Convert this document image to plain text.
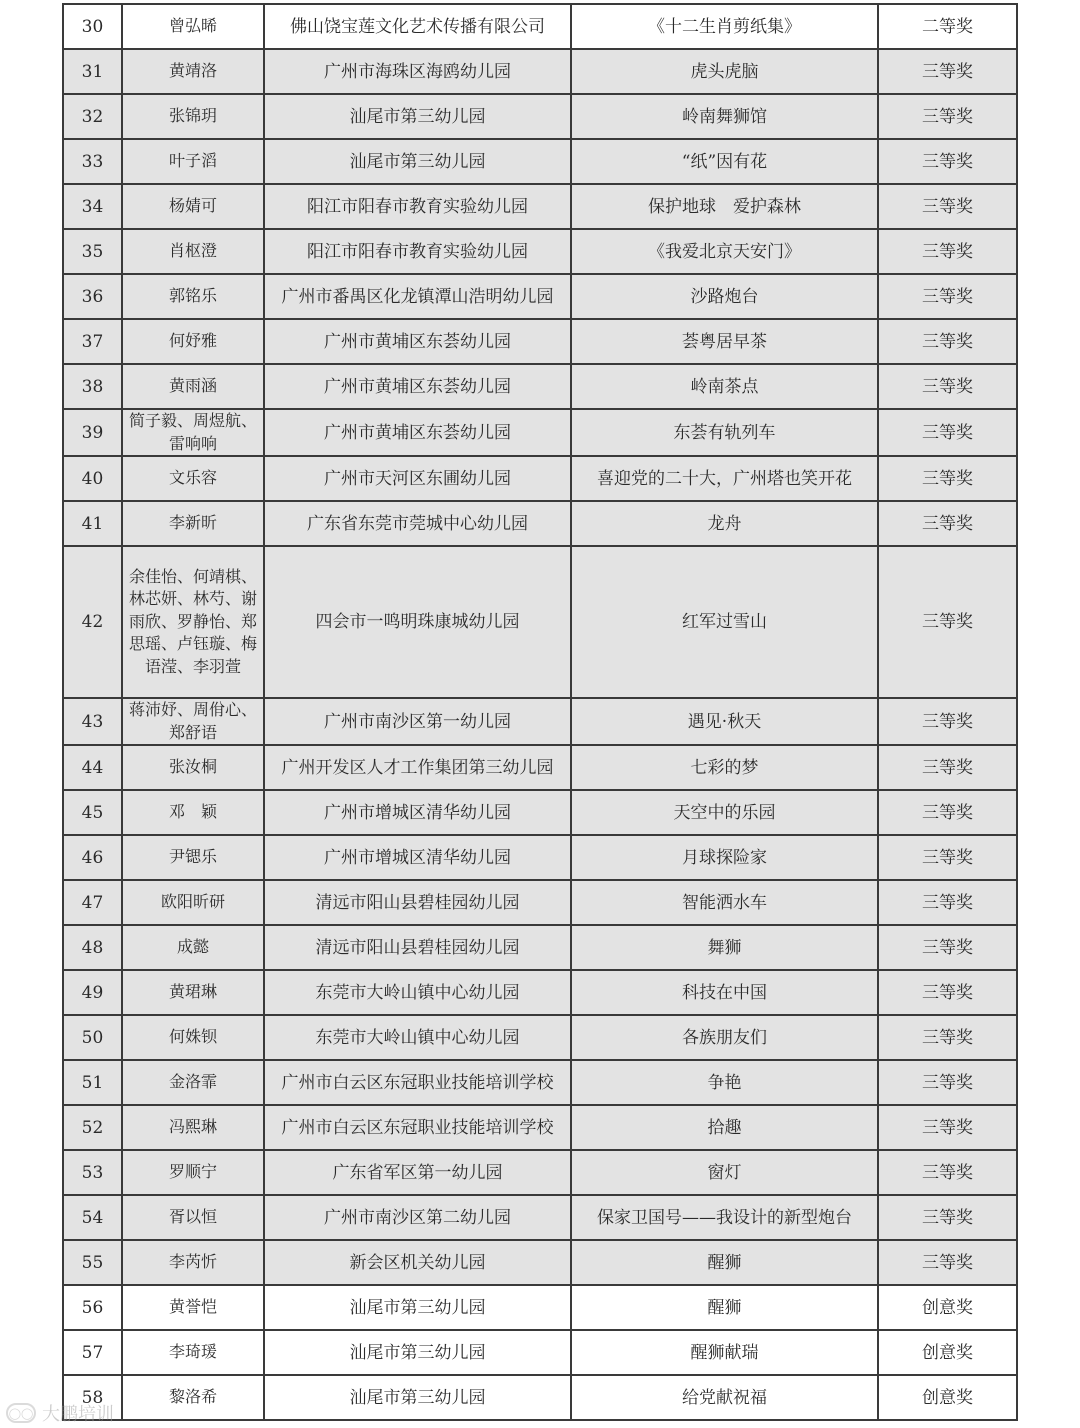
30	曾弘晞	佛山饶宝莲文化艺术传播有限公司	《十二生肖剪纸集》	二等奖
31	黄靖洛	广州市海珠区海鸥幼儿园	虎头虎脑	三等奖
32	张锦玥	汕尾市第三幼儿园	岭南舞狮馆	三等奖
33	叶子滔	汕尾市第三幼儿园	“纸”因有花	三等奖
34	杨婧可	阳江市阳春市教育实验幼儿园	保护地球　爱护森林	三等奖
35	肖枢澄	阳江市阳春市教育实验幼儿园	《我爱北京天安门》	三等奖
36	郭铭乐	广州市番禺区化龙镇潭山浩明幼儿园	沙路炮台	三等奖
37	何妤雅	广州市黄埔区东荟幼儿园	荟粤居早茶	三等奖
38	黄雨涵	广州市黄埔区东荟幼儿园	岭南茶点	三等奖
39	简子毅、周煜航、雷响响	广州市黄埔区东荟幼儿园	东荟有轨列车	三等奖
40	文乐容	广州市天河区东圃幼儿园	喜迎党的二十大，广州塔也笑开花	三等奖
41	李新昕	广东省东莞市莞城中心幼儿园	龙舟	三等奖
42	余佳怡、何靖棋、林芯妍、林芍、谢雨欣、罗静怡、郑思瑶、卢钰璇、梅语滢、李羽萱	四会市一鸣明珠康城幼儿园	红军过雪山	三等奖
43	蒋沛妤、周佾心、郑舒语	广州市南沙区第一幼儿园	遇见·秋天	三等奖
44	张汝桐	广州开发区人才工作集团第三幼儿园	七彩的梦	三等奖
45	邓　颖	广州市增城区清华幼儿园	天空中的乐园	三等奖
46	尹锶乐	广州市增城区清华幼儿园	月球探险家	三等奖
47	欧阳昕研	清远市阳山县碧桂园幼儿园	智能洒水车	三等奖
48	成懿	清远市阳山县碧桂园幼儿园	舞狮	三等奖
49	黄珺琳	东莞市大岭山镇中心幼儿园	科技在中国	三等奖
50	何姝钡	东莞市大岭山镇中心幼儿园	各族朋友们	三等奖
51	金洛霏	广州市白云区东冠职业技能培训学校	争艳	三等奖
52	冯熙琳	广州市白云区东冠职业技能培训学校	拾趣	三等奖
53	罗顺宁	广东省军区第一幼儿园	窗灯	三等奖
54	胥以恒	广州市南沙区第二幼儿园	保家卫国号——我设计的新型炮台	三等奖
55	李芮忻	新会区机关幼儿园	醒狮	三等奖
56	黄誉恺	汕尾市第三幼儿园	醒狮	创意奖
57	李琦瑗	汕尾市第三幼儿园	醒狮献瑞	创意奖
58	黎洛希	汕尾市第三幼儿园	给党献祝福	创意奖
◯◯ 大鹏培训
